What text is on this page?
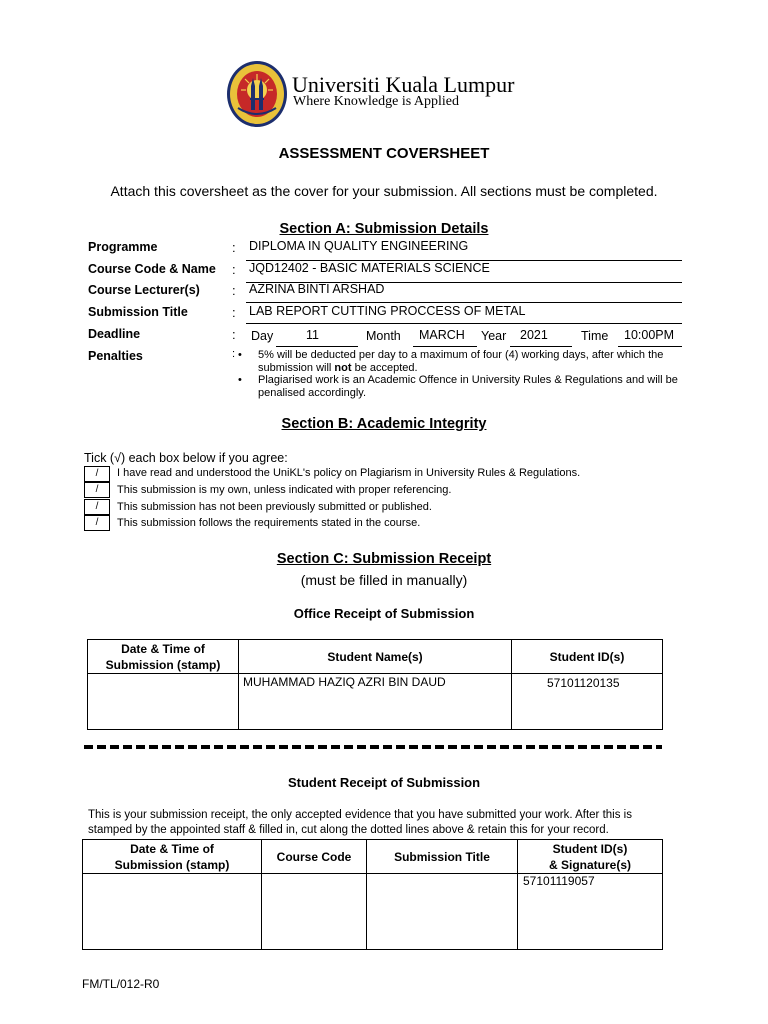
Universiti Kuala Lumpur
Where Knowledge is Applied
ASSESSMENT COVERSHEET
Attach this coversheet as the cover for your submission. All sections must be completed.
Section A: Submission Details
Programme	: DIPLOMA IN QUALITY ENGINEERING
Course Code & Name : JQD12402 - BASIC MATERIALS SCIENCE
Course Lecturer(s) : AZRINA BINTI ARSHAD
Submission Title	: LAB REPORT CUTTING PROCCESS OF METAL
Deadline	: Day	11	Month MARCH Year 2021	Time 10:00PM
Penalties	: • 5% will be deducted per day to a maximum of four (4) working days, after which the submission will not be accepted.
• Plagiarised work is an Academic Offence in University Rules & Regulations and will be penalised accordingly.
Section B: Academic Integrity
Tick (√) each box below if you agree:
/	I have read and understood the UniKL's policy on Plagiarism in University Rules & Regulations.
/	This submission is my own, unless indicated with proper referencing.
/	This submission has not been previously submitted or published.
/	This submission follows the requirements stated in the course.
Section C: Submission Receipt
(must be filled in manually)
Office Receipt of Submission
Date & Time of
Submission (stamp)	Student Name(s)	Student ID(s)
	MUHAMMAD HAZIQ AZRI BIN DAUD	57101120135
Student Receipt of Submission
This is your submission receipt, the only accepted evidence that you have submitted your work. After this is stamped by the appointed staff & filled in, cut along the dotted lines above & retain this for your record.
Date & Time of
Submission (stamp)	Course Code	Submission Title	Student ID(s)
& Signature(s)
			57101119057
FM/TL/012-R0
